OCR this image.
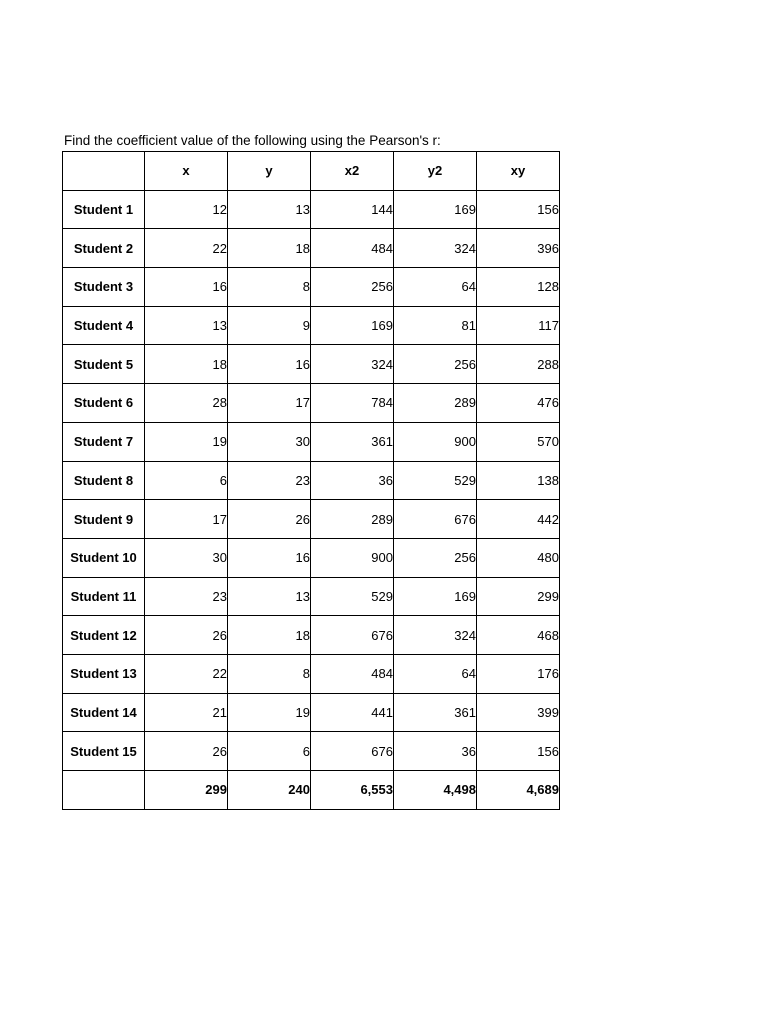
Find the coefficient value of the following using the Pearson's r:
	x	y	x2	y2	xy
Student 1	12	13	144	169	156
Student 2	22	18	484	324	396
Student 3	16	8	256	64	128
Student 4	13	9	169	81	117
Student 5	18	16	324	256	288
Student 6	28	17	784	289	476
Student 7	19	30	361	900	570
Student 8	6	23	36	529	138
Student 9	17	26	289	676	442
Student 10	30	16	900	256	480
Student 11	23	13	529	169	299
Student 12	26	18	676	324	468
Student 13	22	8	484	64	176
Student 14	21	19	441	361	399
Student 15	26	6	676	36	156
	299	240	6,553	4,498	4,689
